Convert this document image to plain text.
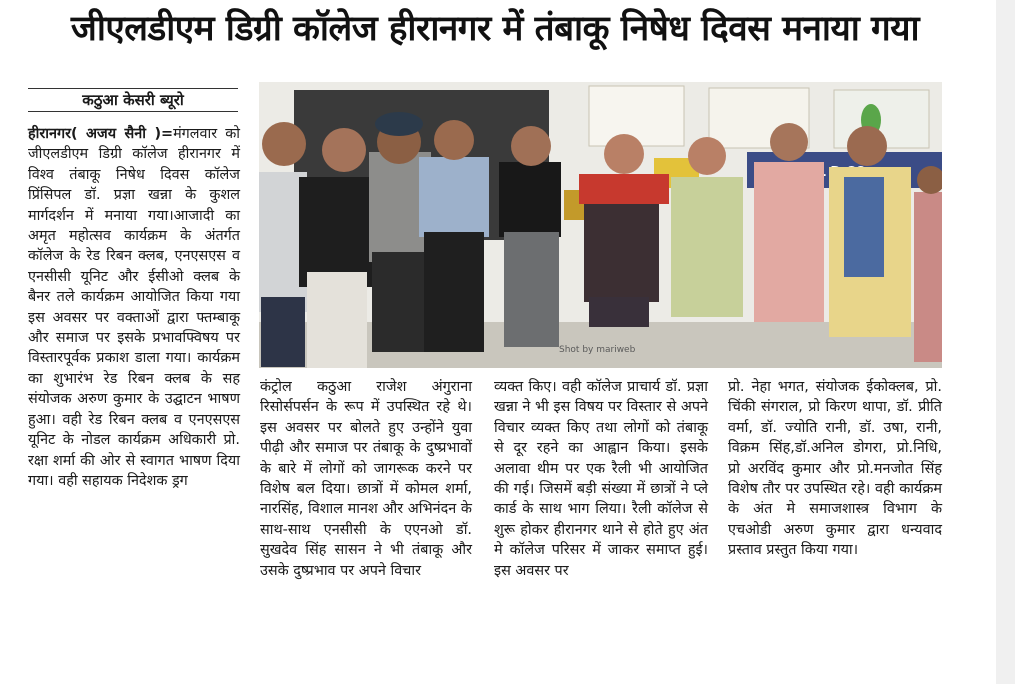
जीएलडीएम डिग्री कॉलेज हीरानगर में तंबाकू निषेध दिवस मनाया गया
कठुआ केसरी ब्यूरो

हीरानगर( अजय सैनी )=मंगलवार को जीएलडीएम डिग्री कॉलेज हीरानगर में विश्व तंबाकू निषेध दिवस कॉलेज प्रिंसिपल डॉ. प्रज्ञा खन्ना के कुशल मार्गदर्शन में मनाया गया।आजादी का अमृत महोत्सव कार्यक्रम के अंतर्गत कॉलेज के रेड रिबन क्लब, एनएसएस व एनसीसी यूनिट और ईसीओ क्लब के बैनर तले कार्यक्रम आयोजित किया गया इस अवसर पर वक्ताओं द्वारा फ्तम्बाकू और समाज पर इसके प्रभावफ्विषय पर विस्तारपूर्वक प्रकाश डाला गया। कार्यक्रम का शुभारंभ रेड रिबन क्लब के सह संयोजक अरुण कुमार के उद्घाटन भाषण हुआ। वही रेड रिबन क्लब व एनएसएस यूनिट के नोडल कार्यक्रम अधिकारी प्रो. रक्षा शर्मा की ओर से स्वागत भाषण दिया गया। वही सहायक निदेशक ड्रग

Shot by mariweb

कंट्रोल कठुआ राजेश अंगुराना रिसोर्सपर्सन के रूप में उपस्थित रहे थे। इस अवसर पर बोलते हुए उन्होंने युवा पीढ़ी और समाज पर तंबाकू के दुष्प्रभावों के बारे में लोगों को जागरूक करने पर विशेष बल दिया। छात्रों में कोमल शर्मा, नारसिंह, विशाल मानश और अभिनंदन के साथ-साथ एनसीसी के एएनओ डॉ. सुखदेव सिंह सासन ने भी तंबाकू और उसके दुष्प्रभाव पर अपने विचार

व्यक्त किए। वही कॉलेज प्राचार्य डॉ. प्रज्ञा खन्ना ने भी इस विषय पर विस्तार से अपने विचार व्यक्त किए तथा लोगों को तंबाकू से दूर रहने का आह्वान किया। इसके अलावा थीम पर एक रैली भी आयोजित की गई। जिसमें बड़ी संख्या में छात्रों ने प्ले कार्ड के साथ भाग लिया। रैली कॉलेज से शुरू होकर हीरानगर थाने से होते हुए अंत मे कॉलेज परिसर में जाकर समाप्त हुई। इस अवसर पर

प्रो. नेहा भगत, संयोजक ईकोक्लब, प्रो. चिंकी संगराल, प्रो किरण थापा, डॉ. प्रीति वर्मा, डॉ. ज्योति रानी, डॉ. उषा, रानी, विक्रम सिंह,डॉ.अनिल डोगरा, प्रो.निधि, प्रो अरविंद कुमार और प्रो.मनजोत सिंह विशेष तौर पर उपस्थित रहे। वही कार्यक्रम के अंत मे समाजशास्त्र विभाग के एचओडी अरुण कुमार द्वारा धन्यवाद प्रस्ताव प्रस्तुत किया गया।
